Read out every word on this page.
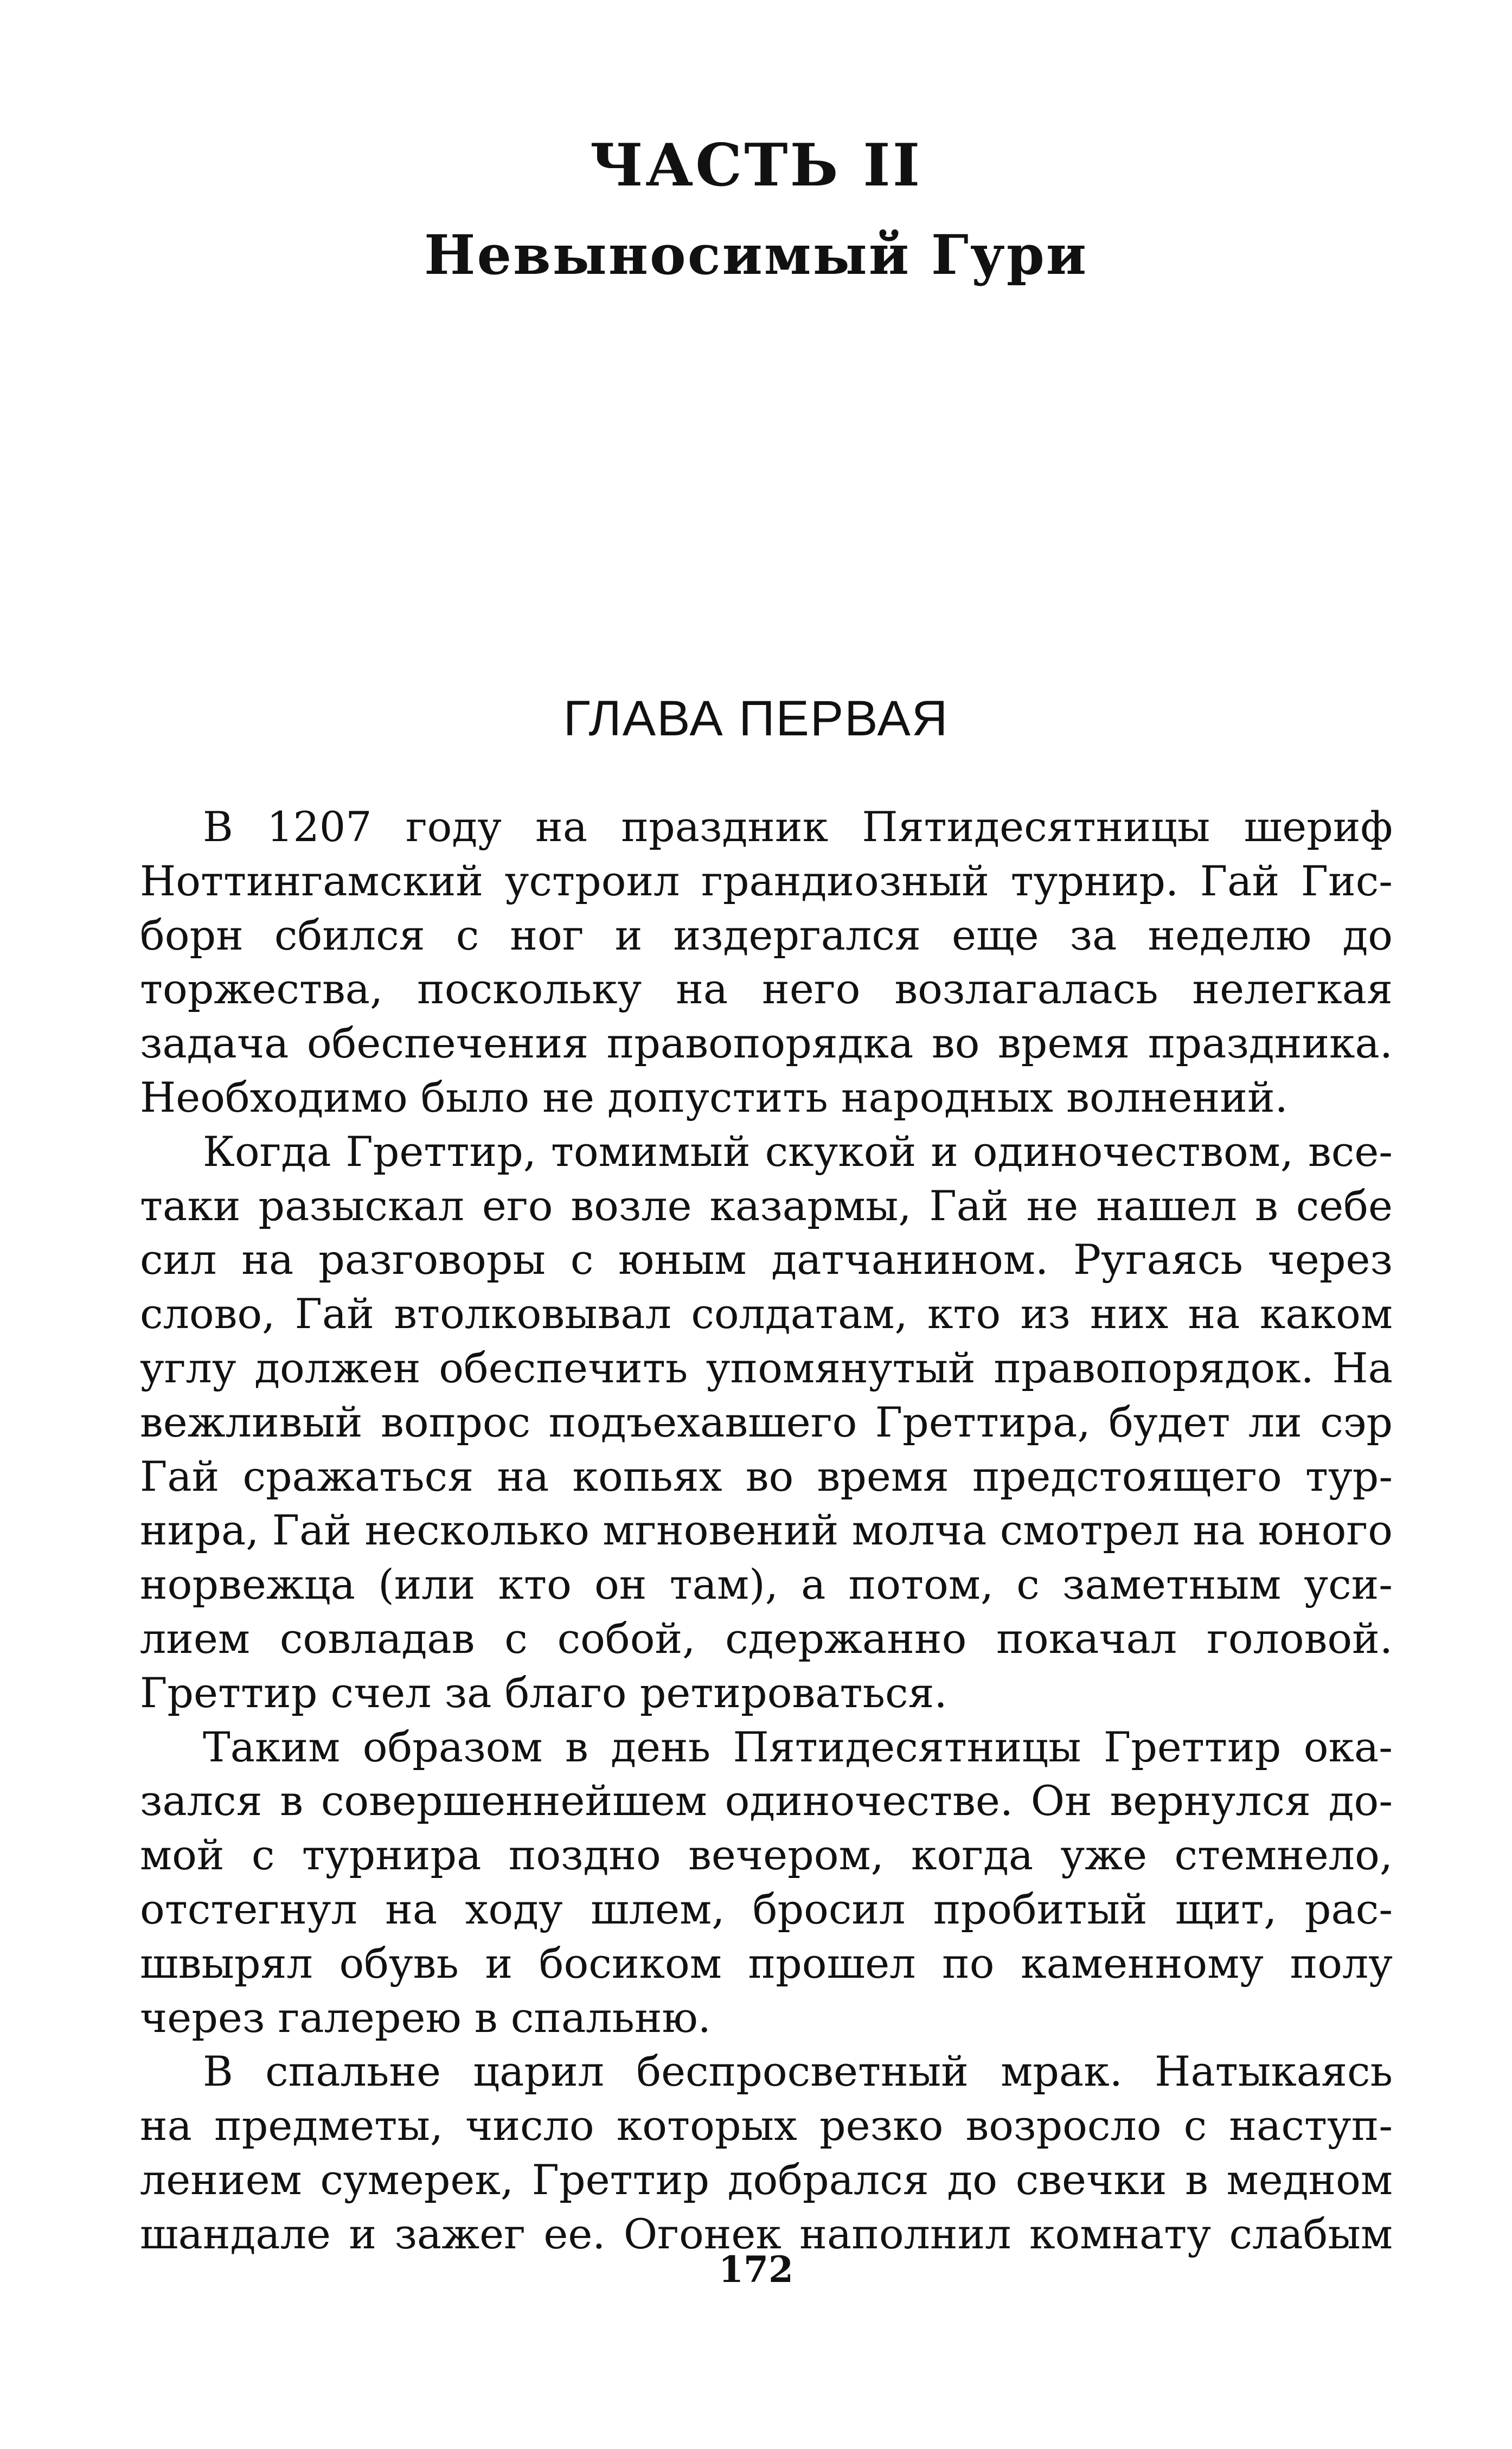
ЧАСТЬ II
Невыносимый Гури
ГЛАВА ПЕРВАЯ
В 1207 году на праздник Пятидесятницы шериф
Ноттингамский устроил грандиозный турнир. Гай Гис-
борн сбился с ног и издергался еще за неделю до
торжества, поскольку на него возлагалась нелегкая
задача обеспечения правопорядка во время праздника.
Необходимо было не допустить народных волнений.
Когда Греттир, томимый скукой и одиночеством, все-
таки разыскал его возле казармы, Гай не нашел в себе
сил на разговоры с юным датчанином. Ругаясь через
слово, Гай втолковывал солдатам, кто из них на каком
углу должен обеспечить упомянутый правопорядок. На
вежливый вопрос подъехавшего Греттира, будет ли сэр
Гай сражаться на копьях во время предстоящего тур-
нира, Гай несколько мгновений молча смотрел на юного
норвежца (или кто он там), а потом, с заметным уси-
лием совладав с собой, сдержанно покачал головой.
Греттир счел за благо ретироваться.
Таким образом в день Пятидесятницы Греттир ока-
зался в совершеннейшем одиночестве. Он вернулся до-
мой с турнира поздно вечером, когда уже стемнело,
отстегнул на ходу шлем, бросил пробитый щит, рас-
швырял обувь и босиком прошел по каменному полу
через галерею в спальню.
В спальне царил беспросветный мрак. Натыкаясь
на предметы, число которых резко возросло с наступ-
лением сумерек, Греттир добрался до свечки в медном
шандале и зажег ее. Огонек наполнил комнату слабым
172
